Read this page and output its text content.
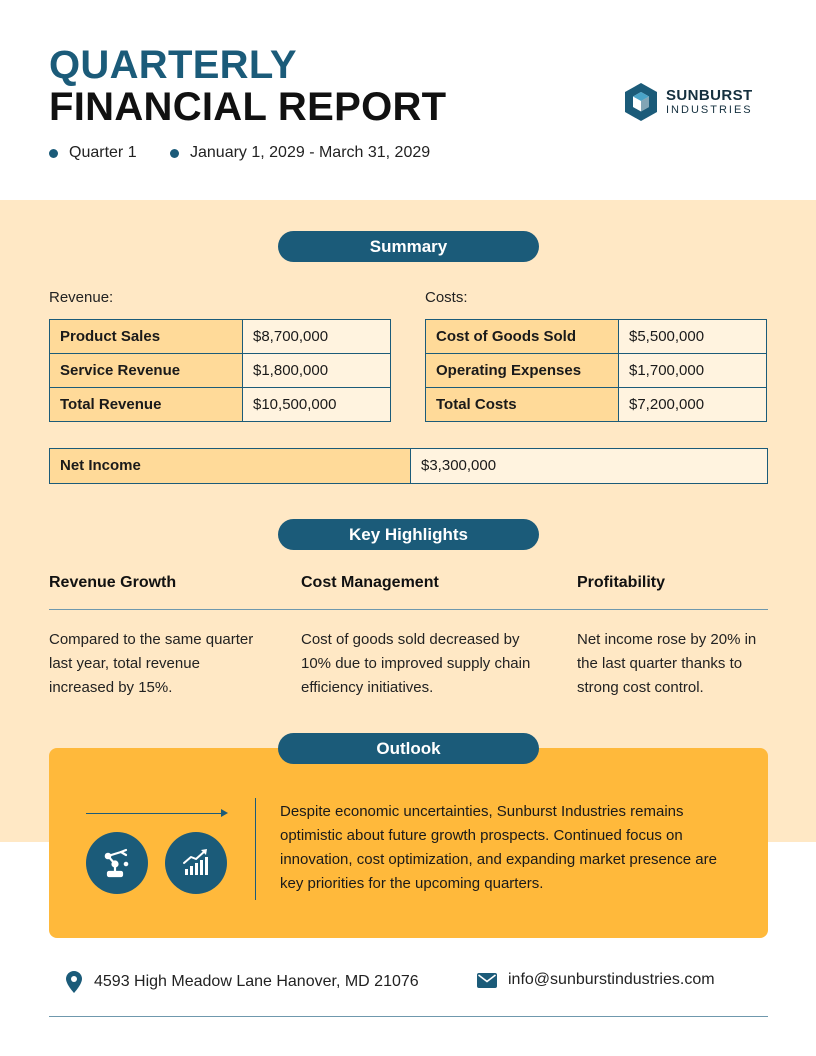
QUARTERLY
FINANCIAL REPORT
Quarter 1	January 1, 2029 - March 31, 2029
SUNBURST
INDUSTRIES
Summary
Revenue:	Costs:
Product Sales	$8,700,000
Service Revenue	$1,800,000
Total Revenue	$10,500,000
Cost of Goods Sold	$5,500,000
Operating Expenses	$1,700,000
Total Costs	$7,200,000
Net Income	$3,300,000
Key Highlights
Revenue Growth	Cost Management	Profitability
Compared to the same quarter last year, total revenue increased by 15%.
Cost of goods sold decreased by 10% due to improved supply chain efficiency initiatives.
Net income rose by 20% in the last quarter thanks to strong cost control.
Outlook
Despite economic uncertainties, Sunburst Industries remains optimistic about future growth prospects. Continued focus on innovation, cost optimization, and expanding market presence are key priorities for the upcoming quarters.
4593 High Meadow Lane Hanover, MD 21076	info@sunburstindustries.com
